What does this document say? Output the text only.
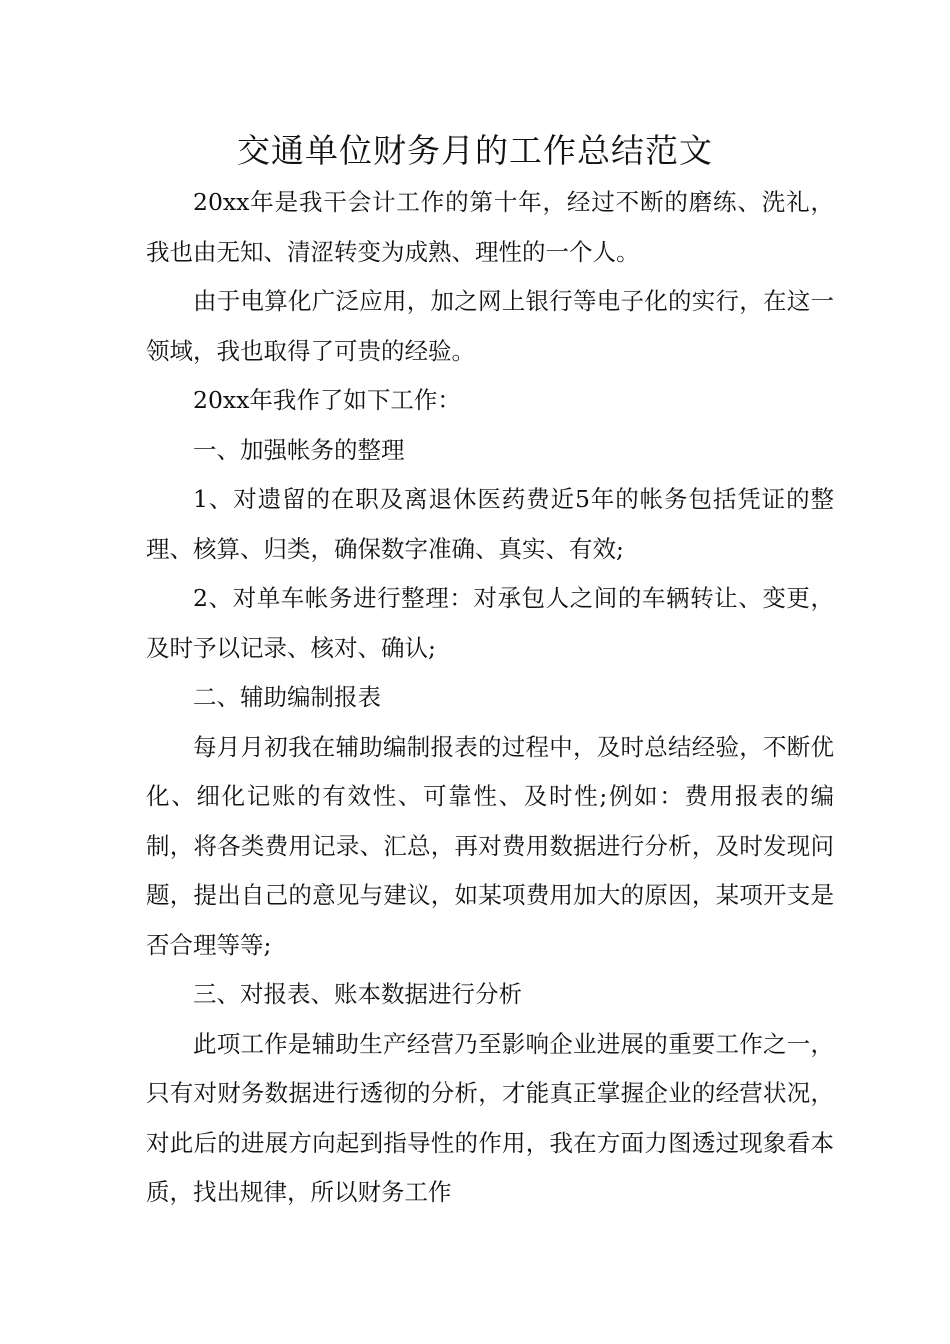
交通单位财务月的工作总结范文

20xx年是我干会计工作的第十年，经过不断的磨练、洗礼，我也由无知、清涩转变为成熟、理性的一个人。

由于电算化广泛应用，加之网上银行等电子化的实行，在这一领域，我也取得了可贵的经验。

20xx年我作了如下工作：

一、加强帐务的整理

1、对遗留的在职及离退休医药费近5年的帐务包括凭证的整理、核算、归类，确保数字准确、真实、有效;

2、对单车帐务进行整理：对承包人之间的车辆转让、变更，及时予以记录、核对、确认;

二、辅助编制报表

每月月初我在辅助编制报表的过程中，及时总结经验，不断优化、细化记账的有效性、可靠性、及时性;例如：费用报表的编制，将各类费用记录、汇总，再对费用数据进行分析，及时发现问题，提出自己的意见与建议，如某项费用加大的原因，某项开支是否合理等等;

三、对报表、账本数据进行分析

此项工作是辅助生产经营乃至影响企业进展的重要工作之一，只有对财务数据进行透彻的分析，才能真正掌握企业的经营状况，对此后的进展方向起到指导性的作用，我在方面力图透过现象看本质，找出规律，所以财务工作
